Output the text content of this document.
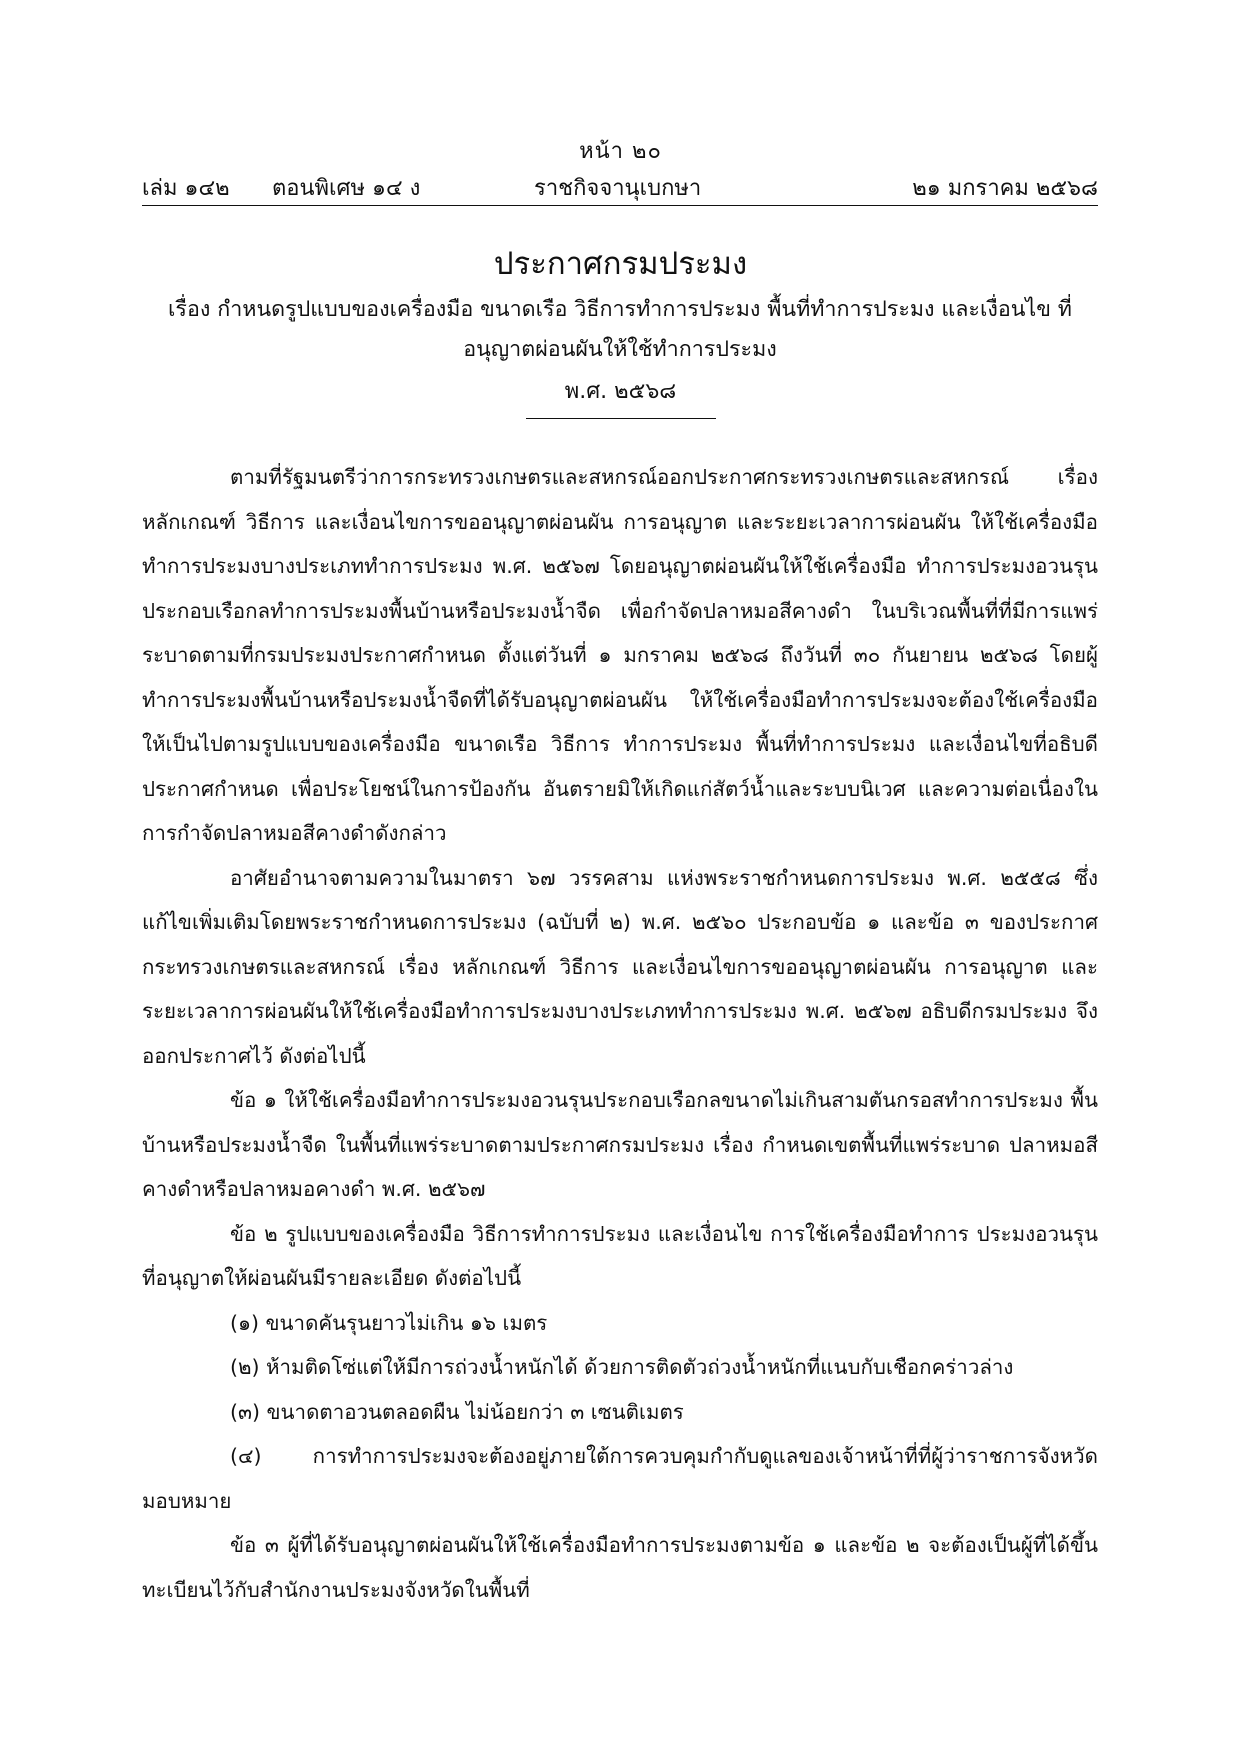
หน้า ๒๐
เล่ม ๑๔๒ ตอนพิเศษ ๑๔ ง	ราชกิจจานุเบกษา	๒๑ มกราคม ๒๕๖๘
ประกาศกรมประมง
เรื่อง กำหนดรูปแบบของเครื่องมือ ขนาดเรือ วิธีการทำการประมง พื้นที่ทำการประมง และเงื่อนไข ที่อนุญาตผ่อนผันให้ใช้ทำการประมง
พ.ศ. ๒๕๖๘

ตามที่รัฐมนตรีว่าการกระทรวงเกษตรและสหกรณ์ออกประกาศกระทรวงเกษตรและสหกรณ์ เรื่อง หลักเกณฑ์ วิธีการ และเงื่อนไขการขออนุญาตผ่อนผัน การอนุญาต และระยะเวลาการผ่อนผัน ให้ใช้เครื่องมือทำการประมงบางประเภททำการประมง พ.ศ. ๒๕๖๗ โดยอนุญาตผ่อนผันให้ใช้เครื่องมือ ทำการประมงอวนรุนประกอบเรือกลทำการประมงพื้นบ้านหรือประมงน้ำจืด เพื่อกำจัดปลาหมอสีคางดำ ในบริเวณพื้นที่ที่มีการแพร่ระบาดตามที่กรมประมงประกาศกำหนด ตั้งแต่วันที่ ๑ มกราคม ๒๕๖๘ ถึงวันที่ ๓๐ กันยายน ๒๕๖๘ โดยผู้ทำการประมงพื้นบ้านหรือประมงน้ำจืดที่ได้รับอนุญาตผ่อนผัน ให้ใช้เครื่องมือทำการประมงจะต้องใช้เครื่องมือให้เป็นไปตามรูปแบบของเครื่องมือ ขนาดเรือ วิธีการ ทำการประมง พื้นที่ทำการประมง และเงื่อนไขที่อธิบดีประกาศกำหนด เพื่อประโยชน์ในการป้องกัน อันตรายมิให้เกิดแก่สัตว์น้ำและระบบนิเวศ และความต่อเนื่องในการกำจัดปลาหมอสีคางดำดังกล่าว

อาศัยอำนาจตามความในมาตรา ๖๗ วรรคสาม แห่งพระราชกำหนดการประมง พ.ศ. ๒๕๕๘ ซึ่งแก้ไขเพิ่มเติมโดยพระราชกำหนดการประมง (ฉบับที่ ๒) พ.ศ. ๒๕๖๐ ประกอบข้อ ๑ และข้อ ๓ ของประกาศกระทรวงเกษตรและสหกรณ์ เรื่อง หลักเกณฑ์ วิธีการ และเงื่อนไขการขออนุญาตผ่อนผัน การอนุญาต และระยะเวลาการผ่อนผันให้ใช้เครื่องมือทำการประมงบางประเภททำการประมง พ.ศ. ๒๕๖๗ อธิบดีกรมประมง จึงออกประกาศไว้ ดังต่อไปนี้

ข้อ ๑ ให้ใช้เครื่องมือทำการประมงอวนรุนประกอบเรือกลขนาดไม่เกินสามตันกรอสทำการประมง พื้นบ้านหรือประมงน้ำจืด ในพื้นที่แพร่ระบาดตามประกาศกรมประมง เรื่อง กำหนดเขตพื้นที่แพร่ระบาด ปลาหมอสีคางดำหรือปลาหมอคางดำ พ.ศ. ๒๕๖๗

ข้อ ๒ รูปแบบของเครื่องมือ วิธีการทำการประมง และเงื่อนไข การใช้เครื่องมือทำการ ประมงอวนรุนที่อนุญาตให้ผ่อนผันมีรายละเอียด ดังต่อไปนี้

(๑) ขนาดคันรุนยาวไม่เกิน ๑๖ เมตร

(๒) ห้ามติดโซ่แต่ให้มีการถ่วงน้ำหนักได้ ด้วยการติดตัวถ่วงน้ำหนักที่แนบกับเชือกคร่าวล่าง

(๓) ขนาดตาอวนตลอดผืน ไม่น้อยกว่า ๓ เซนติเมตร

(๔) การทำการประมงจะต้องอยู่ภายใต้การควบคุมกำกับดูแลของเจ้าหน้าที่ที่ผู้ว่าราชการจังหวัด มอบหมาย

ข้อ ๓ ผู้ที่ได้รับอนุญาตผ่อนผันให้ใช้เครื่องมือทำการประมงตามข้อ ๑ และข้อ ๒ จะต้องเป็นผู้ที่ได้ขึ้นทะเบียนไว้กับสำนักงานประมงจังหวัดในพื้นที่
